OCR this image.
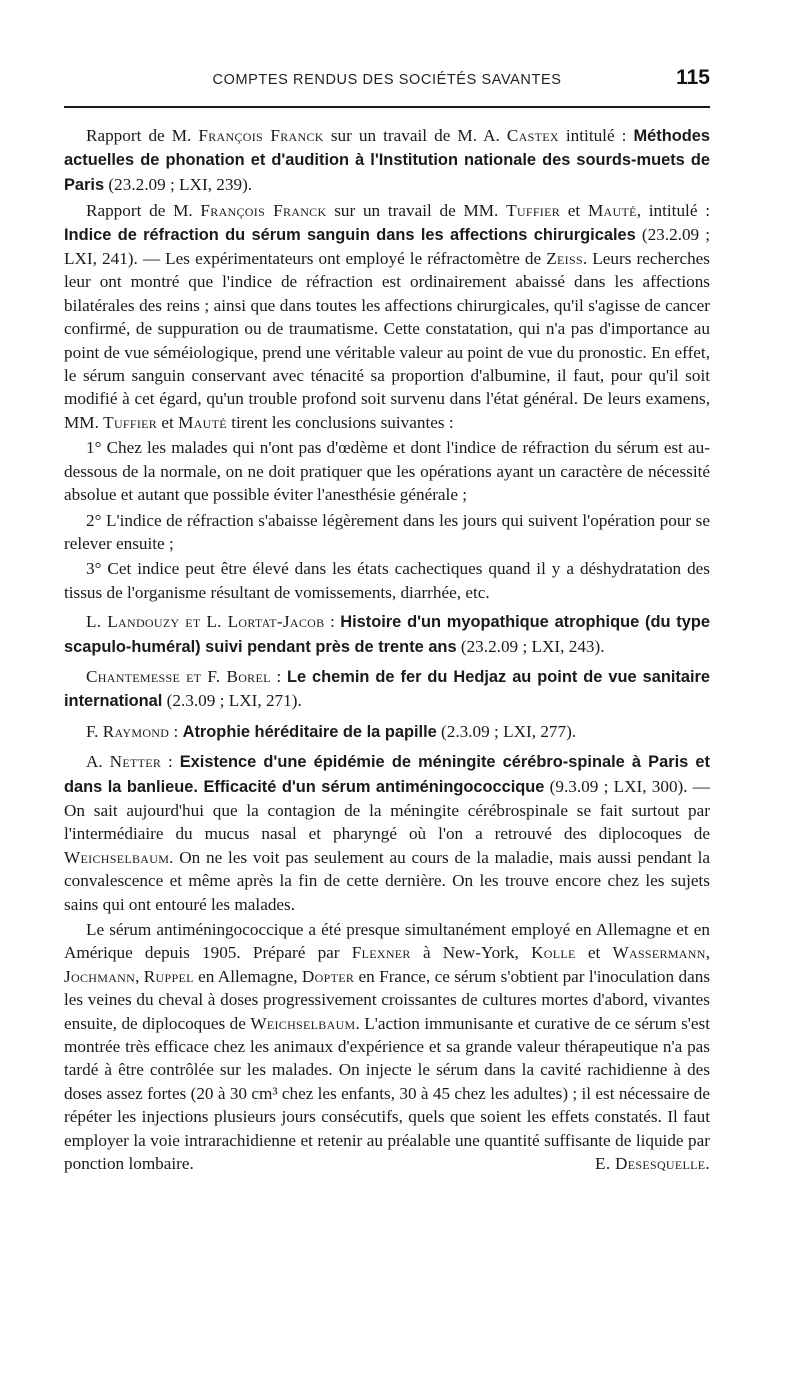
COMPTES RENDUS DES SOCIÉTÉS SAVANTES	115

Rapport de M. François Franck sur un travail de M. A. Castex intitulé : Méthodes actuelles de phonation et d'audition à l'Institution nationale des sourds-muets de Paris (23.2.09 ; LXI, 239).

Rapport de M. François Franck sur un travail de MM. Tuffier et Mauté, intitulé : Indice de réfraction du sérum sanguin dans les affections chirurgicales (23.2.09 ; LXI, 241). — Les expérimentateurs ont employé le réfractomètre de Zeiss. Leurs recherches leur ont montré que l'indice de réfraction est ordinairement abaissé dans les affections bilatérales des reins ; ainsi que dans toutes les affections chirurgicales, qu'il s'agisse de cancer confirmé, de suppuration ou de traumatisme. Cette constatation, qui n'a pas d'importance au point de vue séméiologique, prend une véritable valeur au point de vue du pronostic. En effet, le sérum sanguin conservant avec ténacité sa proportion d'albumine, il faut, pour qu'il soit modifié à cet égard, qu'un trouble profond soit survenu dans l'état général. De leurs examens, MM. Tuffier et Mauté tirent les conclusions suivantes :

1° Chez les malades qui n'ont pas d'œdème et dont l'indice de réfraction du sérum est au-dessous de la normale, on ne doit pratiquer que les opérations ayant un caractère de nécessité absolue et autant que possible éviter l'anesthésie générale ;

2° L'indice de réfraction s'abaisse légèrement dans les jours qui suivent l'opération pour se relever ensuite ;

3° Cet indice peut être élevé dans les états cachectiques quand il y a déshydratation des tissus de l'organisme résultant de vomissements, diarrhée, etc.

L. Landouzy et L. Lortat-Jacob : Histoire d'un myopathique atrophique (du type scapulo-huméral) suivi pendant près de trente ans (23.2.09 ; LXI, 243).

Chantemesse et F. Borel : Le chemin de fer du Hedjaz au point de vue sanitaire international (2.3.09 ; LXI, 271).

F. Raymond : Atrophie héréditaire de la papille (2.3.09 ; LXI, 277).

A. Netter : Existence d'une épidémie de méningite cérébro-spinale à Paris et dans la banlieue. Efficacité d'un sérum antiméningococcique (9.3.09 ; LXI, 300). — On sait aujourd'hui que la contagion de la méningite cérébrospinale se fait surtout par l'intermédiaire du mucus nasal et pharyngé où l'on a retrouvé des diplocoques de Weichselbaum. On ne les voit pas seulement au cours de la maladie, mais aussi pendant la convalescence et même après la fin de cette dernière. On les trouve encore chez les sujets sains qui ont entouré les malades.

Le sérum antiméningococcique a été presque simultanément employé en Allemagne et en Amérique depuis 1905. Préparé par Flexner à New-York, Kolle et Wassermann, Jochmann, Ruppel en Allemagne, Dopter en France, ce sérum s'obtient par l'inoculation dans les veines du cheval à doses progressivement croissantes de cultures mortes d'abord, vivantes ensuite, de diplocoques de Weichselbaum. L'action immunisante et curative de ce sérum s'est montrée très efficace chez les animaux d'expérience et sa grande valeur thérapeutique n'a pas tardé à être contrôlée sur les malades. On injecte le sérum dans la cavité rachidienne à des doses assez fortes (20 à 30 cm³ chez les enfants, 30 à 45 chez les adultes) ; il est nécessaire de répéter les injections plusieurs jours consécutifs, quels que soient les effets constatés. Il faut employer la voie intrarachidienne et retenir au préalable une quantité suffisante de liquide par ponction lombaire.	E. Desesquelle.
